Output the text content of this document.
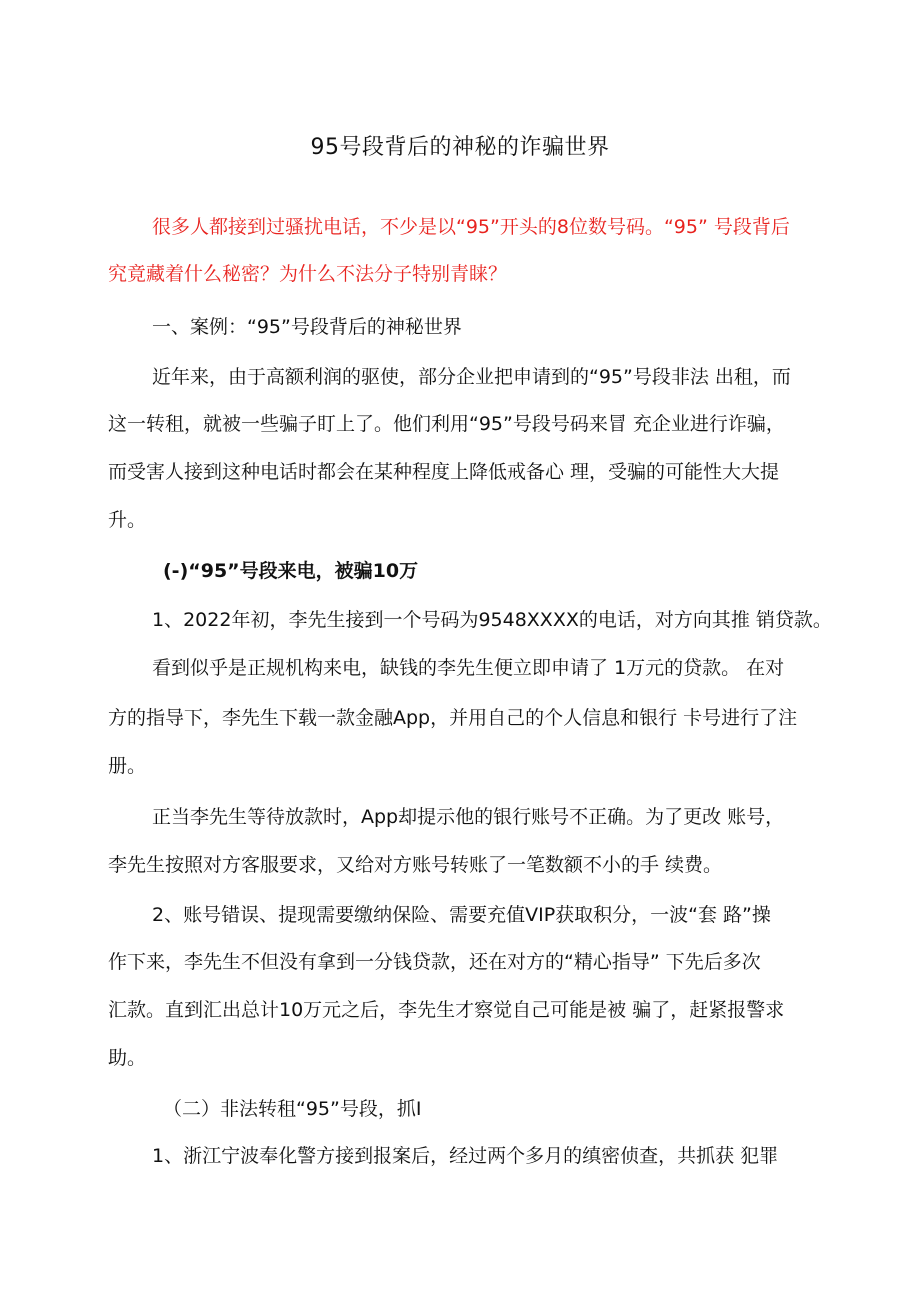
95号段背后的神秘的诈骗世界
很多人都接到过骚扰电话，不少是以“95”开头的8位数号码。“95” 号段背后
究竟藏着什么秘密？为什么不法分子特别青睐？
一、案例：“95”号段背后的神秘世界
近年来，由于高额利润的驱使，部分企业把申请到的“95”号段非法 出租，而
这一转租，就被一些骗子盯上了。他们利用“95”号段号码来冒 充企业进行诈骗，
而受害人接到这种电话时都会在某种程度上降低戒备心 理，受骗的可能性大大提
升。
(-)“95”号段来电，被骗10万
1、2022年初，李先生接到一个号码为9548XXXX的电话，对方向其推 销贷款。
看到似乎是正规机构来电，缺钱的李先生便立即申请了 1万元的贷款。 在对
方的指导下，李先生下载一款金融App，并用自己的个人信息和银行 卡号进行了注
册。
正当李先生等待放款时，App却提示他的银行账号不正确。为了更改 账号，
李先生按照对方客服要求，又给对方账号转账了一笔数额不小的手 续费。
2、账号错误、提现需要缴纳保险、需要充值VIP获取积分，一波“套 路”操
作下来，李先生不但没有拿到一分钱贷款，还在对方的“精心指导” 下先后多次
汇款。直到汇出总计10万元之后，李先生才察觉自己可能是被 骗了，赶紧报警求
助。
（二）非法转租“95”号段，抓I
1、浙江宁波奉化警方接到报案后，经过两个多月的缜密侦查，共抓获 犯罪
